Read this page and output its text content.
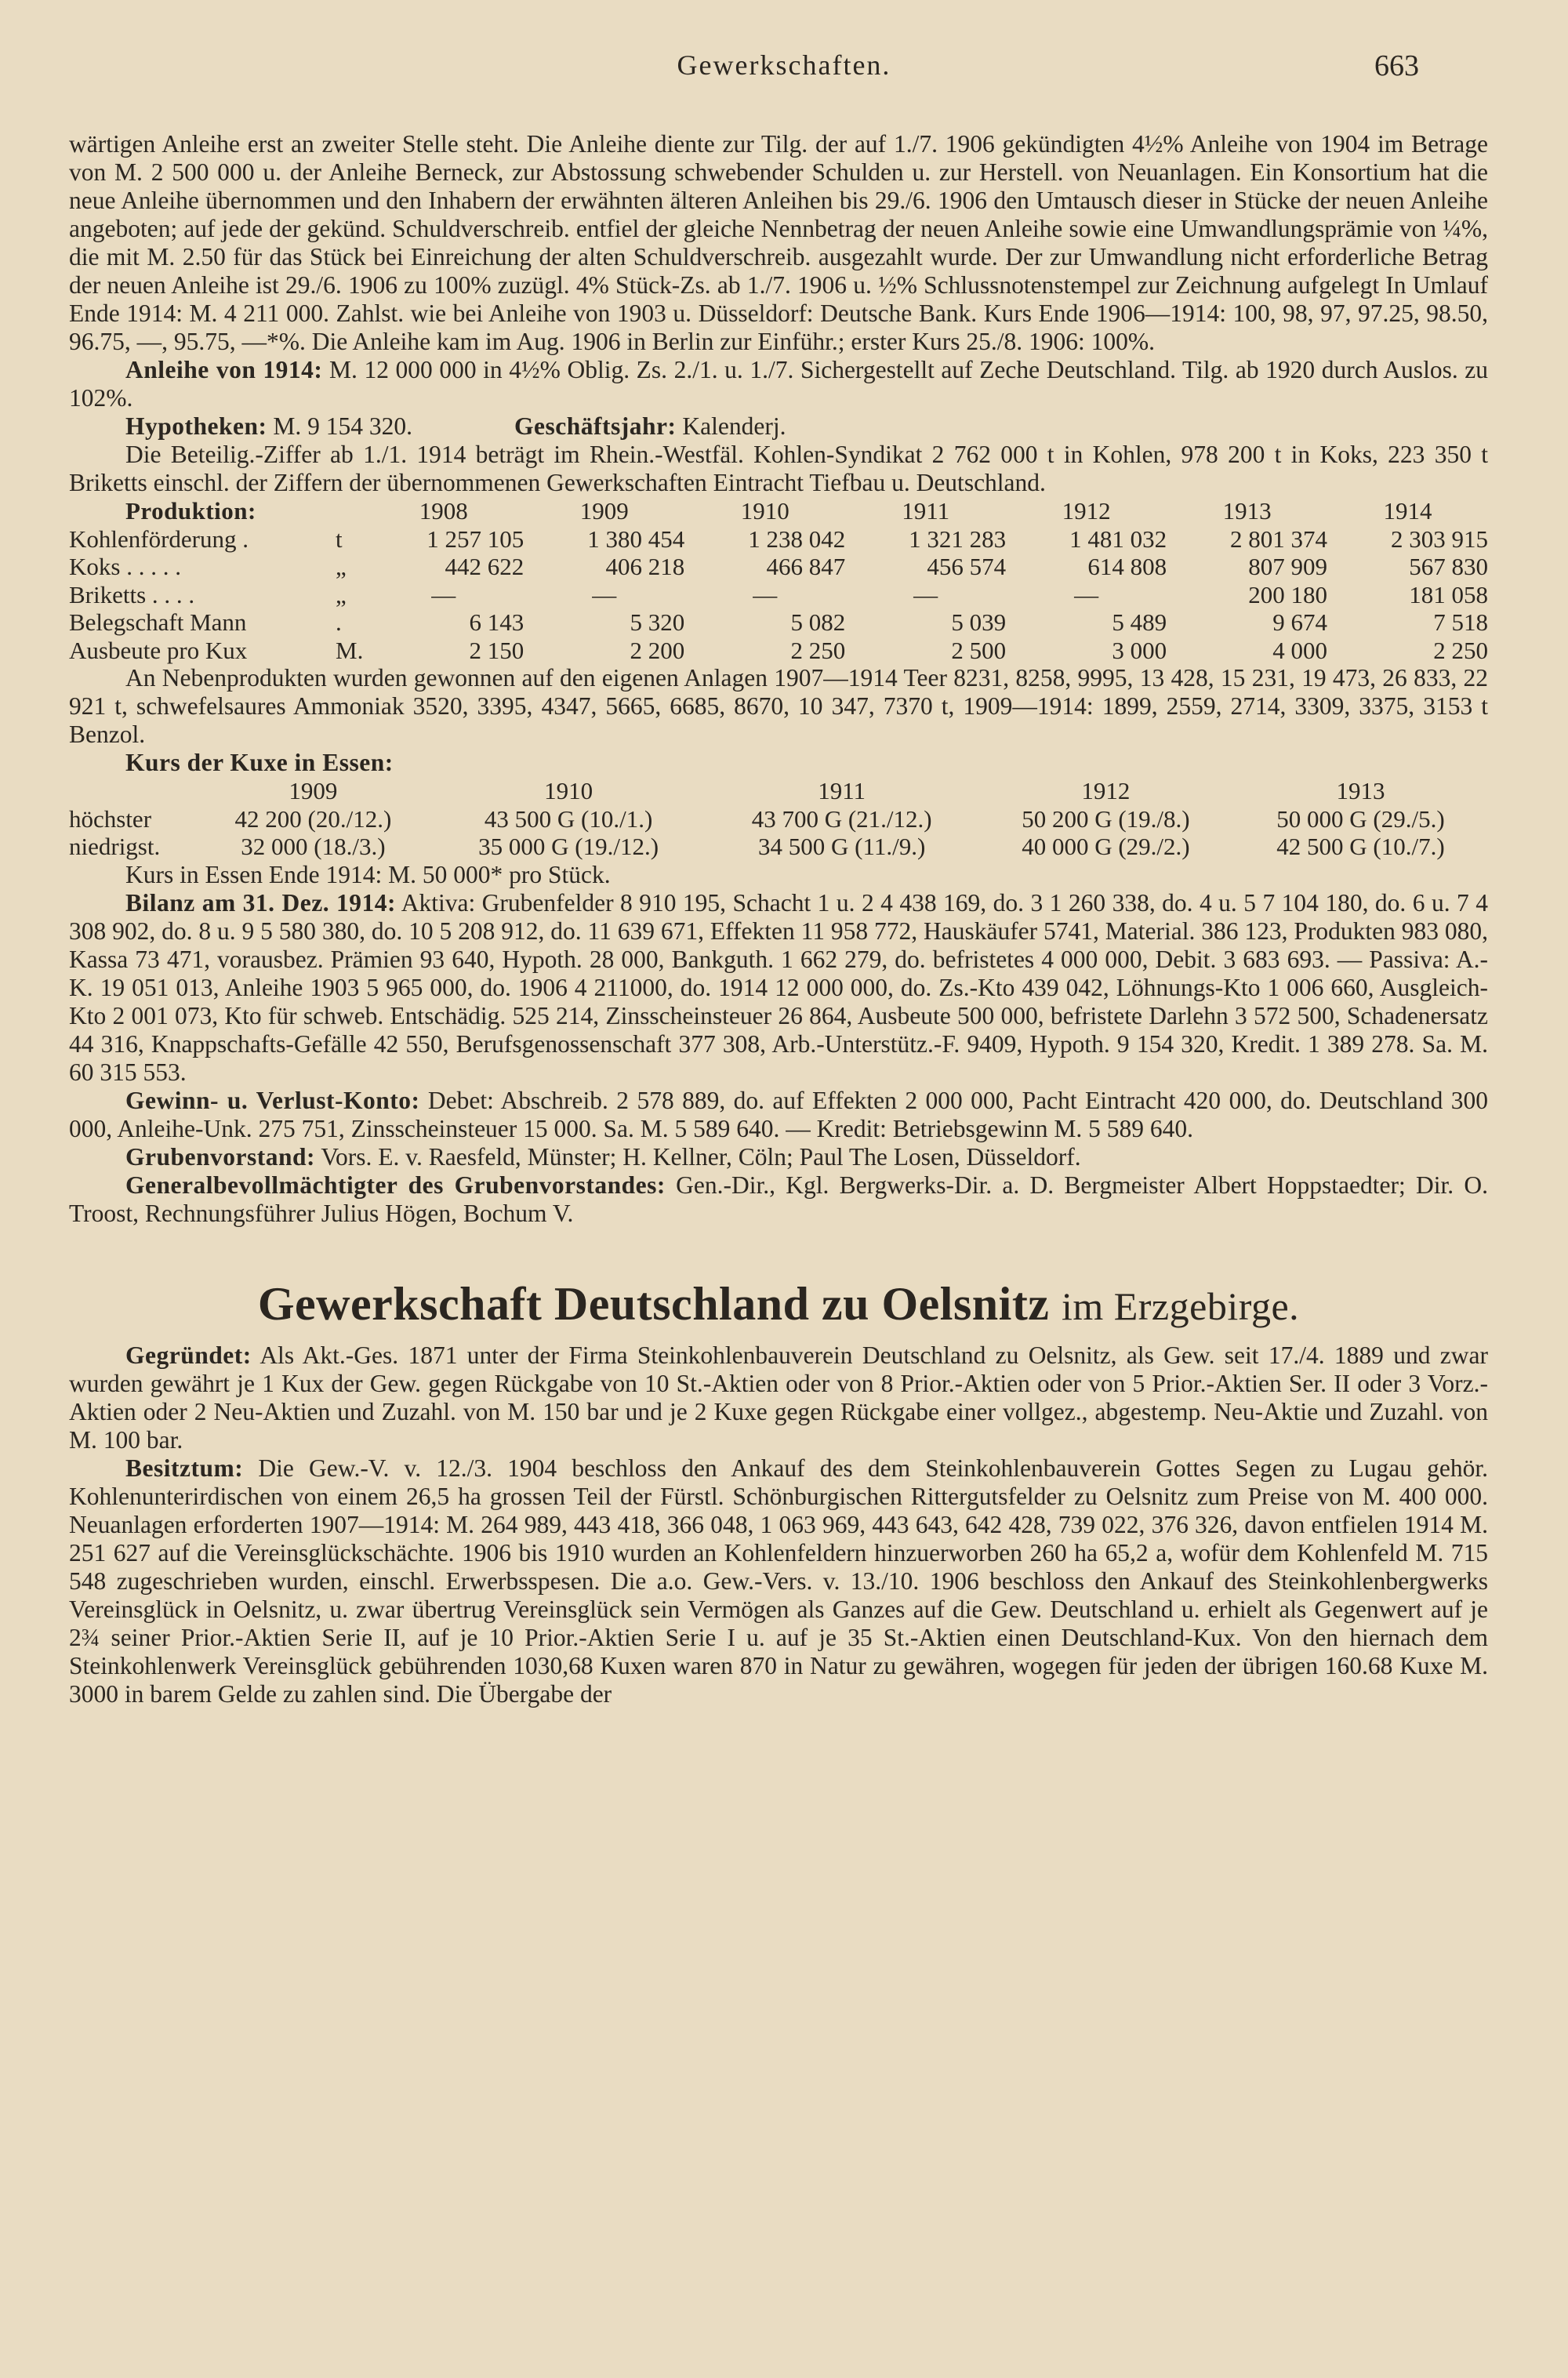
Gewerkschaften.	663

wärtigen Anleihe erst an zweiter Stelle steht. Die Anleihe diente zur Tilg. der auf 1./7. 1906 gekündigten 4½% Anleihe von 1904 im Betrage von M. 2 500 000 u. der Anleihe Berneck, zur Abstossung schwebender Schulden u. zur Herstell. von Neuanlagen. Ein Konsortium hat die neue Anleihe übernommen und den Inhabern der erwähnten älteren Anleihen bis 29./6. 1906 den Umtausch dieser in Stücke der neuen Anleihe angeboten; auf jede der gekünd. Schuldverschreib. entfiel der gleiche Nennbetrag der neuen Anleihe sowie eine Umwandlungsprämie von ¼%, die mit M. 2.50 für das Stück bei Einreichung der alten Schuldverschreib. ausgezahlt wurde. Der zur Umwandlung nicht erforderliche Betrag der neuen Anleihe ist 29./6. 1906 zu 100% zuzügl. 4% Stück-Zs. ab 1./7. 1906 u. ½% Schlussnotenstempel zur Zeichnung aufgelegt In Umlauf Ende 1914: M. 4 211 000. Zahlst. wie bei Anleihe von 1903 u. Düsseldorf: Deutsche Bank. Kurs Ende 1906—1914: 100, 98, 97, 97.25, 98.50, 96.75, —, 95.75, —*%. Die Anleihe kam im Aug. 1906 in Berlin zur Einführ.; erster Kurs 25./8. 1906: 100%.

Anleihe von 1914: M. 12 000 000 in 4½% Oblig. Zs. 2./1. u. 1./7. Sichergestellt auf Zeche Deutschland. Tilg. ab 1920 durch Auslos. zu 102%.

Hypotheken: M. 9 154 320.	Geschäftsjahr: Kalenderj.

Die Beteilig.-Ziffer ab 1./1. 1914 beträgt im Rhein.-Westfäl. Kohlen-Syndikat 2 762 000 t in Kohlen, 978 200 t in Koks, 223 350 t Briketts einschl. der Ziffern der übernommenen Gewerkschaften Eintracht Tiefbau u. Deutschland.

Produktion:		1908	1909	1910	1911	1912	1913	1914
Kohlenförderung .	t	1 257 105	1 380 454	1 238 042	1 321 283	1 481 032	2 801 374	2 303 915
Koks . . . . .	„	442 622	406 218	466 847	456 574	614 808	807 909	567 830
Briketts . . . .	„	—	—	—	—	—	200 180	181 058
Belegschaft Mann	.	6 143	5 320	5 082	5 039	5 489	9 674	7 518
Ausbeute pro Kux	M.	2 150	2 200	2 250	2 500	3 000	4 000	2 250

An Nebenprodukten wurden gewonnen auf den eigenen Anlagen 1907—1914 Teer 8231, 8258, 9995, 13 428, 15 231, 19 473, 26 833, 22 921 t, schwefelsaures Ammoniak 3520, 3395, 4347, 5665, 6685, 8670, 10 347, 7370 t, 1909—1914: 1899, 2559, 2714, 3309, 3375, 3153 t Benzol.

Kurs der Kuxe in Essen:

	1909	1910	1911	1912	1913
höchster	42 200 (20./12.)	43 500 G (10./1.)	43 700 G (21./12.)	50 200 G (19./8.)	50 000 G (29./5.)
niedrigst.	32 000 (18./3.)	35 000 G (19./12.)	34 500 G (11./9.)	40 000 G (29./2.)	42 500 G (10./7.)

Kurs in Essen Ende 1914: M. 50 000* pro Stück.

Bilanz am 31. Dez. 1914: Aktiva: Grubenfelder 8 910 195, Schacht 1 u. 2 4 438 169, do. 3 1 260 338, do. 4 u. 5 7 104 180, do. 6 u. 7 4 308 902, do. 8 u. 9 5 580 380, do. 10 5 208 912, do. 11 639 671, Effekten 11 958 772, Hauskäufer 5741, Material. 386 123, Produkten 983 080, Kassa 73 471, vorausbez. Prämien 93 640, Hypoth. 28 000, Bankguth. 1 662 279, do. befristetes 4 000 000, Debit. 3 683 693. — Passiva: A.-K. 19 051 013, Anleihe 1903 5 965 000, do. 1906 4 211000, do. 1914 12 000 000, do. Zs.-Kto 439 042, Löhnungs-Kto 1 006 660, Ausgleich-Kto 2 001 073, Kto für schweb. Entschädig. 525 214, Zinsscheinsteuer 26 864, Ausbeute 500 000, befristete Darlehn 3 572 500, Schadenersatz 44 316, Knappschafts-Gefälle 42 550, Berufsgenossenschaft 377 308, Arb.-Unterstütz.-F. 9409, Hypoth. 9 154 320, Kredit. 1 389 278. Sa. M. 60 315 553.

Gewinn- u. Verlust-Konto: Debet: Abschreib. 2 578 889, do. auf Effekten 2 000 000, Pacht Eintracht 420 000, do. Deutschland 300 000, Anleihe-Unk. 275 751, Zinsscheinsteuer 15 000. Sa. M. 5 589 640. — Kredit: Betriebsgewinn M. 5 589 640.

Grubenvorstand: Vors. E. v. Raesfeld, Münster; H. Kellner, Cöln; Paul The Losen, Düsseldorf.

Generalbevollmächtigter des Grubenvorstandes: Gen.-Dir., Kgl. Bergwerks-Dir. a. D. Bergmeister Albert Hoppstaedter; Dir. O. Troost, Rechnungsführer Julius Högen, Bochum V.

Gewerkschaft Deutschland zu Oelsnitz im Erzgebirge.

Gegründet: Als Akt.-Ges. 1871 unter der Firma Steinkohlenbauverein Deutschland zu Oelsnitz, als Gew. seit 17./4. 1889 und zwar wurden gewährt je 1 Kux der Gew. gegen Rückgabe von 10 St.-Aktien oder von 8 Prior.-Aktien oder von 5 Prior.-Aktien Ser. II oder 3 Vorz.-Aktien oder 2 Neu-Aktien und Zuzahl. von M. 150 bar und je 2 Kuxe gegen Rückgabe einer vollgez., abgestemp. Neu-Aktie und Zuzahl. von M. 100 bar.

Besitztum: Die Gew.-V. v. 12./3. 1904 beschloss den Ankauf des dem Steinkohlenbauverein Gottes Segen zu Lugau gehör. Kohlenunterirdischen von einem 26,5 ha grossen Teil der Fürstl. Schönburgischen Rittergutsfelder zu Oelsnitz zum Preise von M. 400 000. Neuanlagen erforderten 1907—1914: M. 264 989, 443 418, 366 048, 1 063 969, 443 643, 642 428, 739 022, 376 326, davon entfielen 1914 M. 251 627 auf die Vereinsglückschächte. 1906 bis 1910 wurden an Kohlenfeldern hinzuerworben 260 ha 65,2 a, wofür dem Kohlenfeld M. 715 548 zugeschrieben wurden, einschl. Erwerbsspesen. Die a.o. Gew.-Vers. v. 13./10. 1906 beschloss den Ankauf des Steinkohlenbergwerks Vereinsglück in Oelsnitz, u. zwar übertrug Vereinsglück sein Vermögen als Ganzes auf die Gew. Deutschland u. erhielt als Gegenwert auf je 2¾ seiner Prior.-Aktien Serie II, auf je 10 Prior.-Aktien Serie I u. auf je 35 St.-Aktien einen Deutschland-Kux. Von den hiernach dem Steinkohlenwerk Vereinsglück gebührenden 1030,68 Kuxen waren 870 in Natur zu gewähren, wogegen für jeden der übrigen 160.68 Kuxe M. 3000 in barem Gelde zu zahlen sind. Die Übergabe der
